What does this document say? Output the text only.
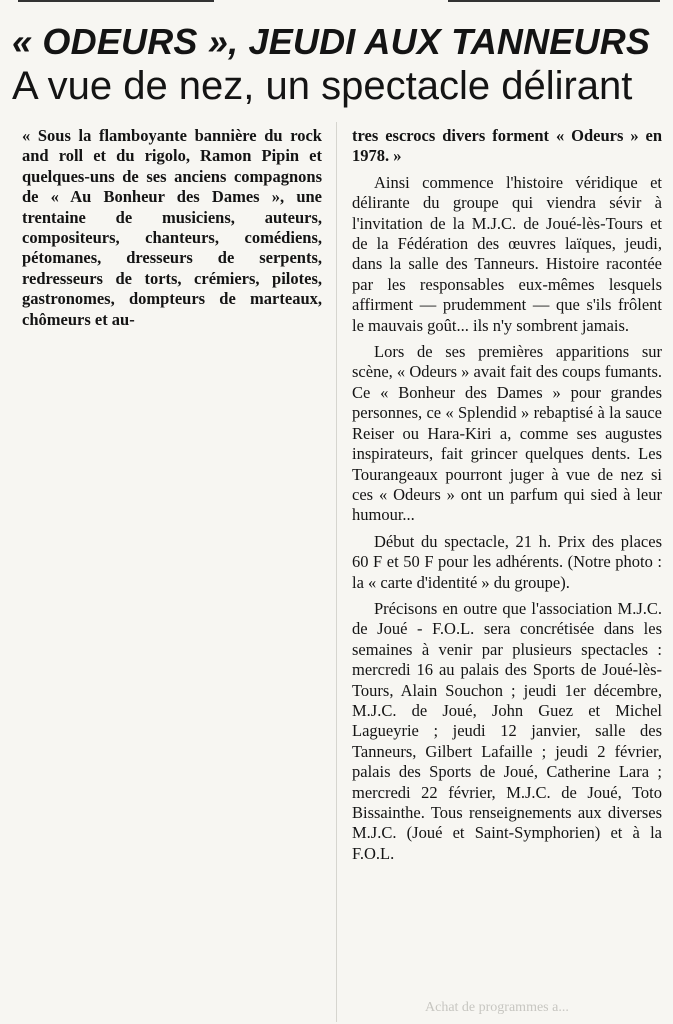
« ODEURS », JEUDI AUX TANNEURS
A vue de nez, un spectacle délirant

« Sous la flamboyante bannière du rock and roll et du rigolo, Ramon Pipin et quelques-uns de ses anciens compagnons de « Au Bonheur des Dames », une trentaine de musiciens, auteurs, compositeurs, chanteurs, comédiens, pétomanes, dresseurs de serpents, redresseurs de torts, crémiers, pilotes, gastronomes, dompteurs de marteaux, chômeurs et au-

tres escrocs divers forment « Odeurs » en 1978. »

Ainsi commence l'histoire véridique et délirante du groupe qui viendra sévir à l'invitation de la M.J.C. de Joué-lès-Tours et de la Fédération des œuvres laïques, jeudi, dans la salle des Tanneurs. Histoire racontée par les responsables eux-mêmes lesquels affirment — prudemment — que s'ils frôlent le mauvais goût... ils n'y sombrent jamais.

Lors de ses premières apparitions sur scène, « Odeurs » avait fait des coups fumants. Ce « Bonheur des Dames » pour grandes personnes, ce « Splendid » rebaptisé à la sauce Reiser ou Hara-Kiri a, comme ses augustes inspirateurs, fait grincer quelques dents. Les Tourangeaux pourront juger à vue de nez si ces « Odeurs » ont un parfum qui sied à leur humour...

Début du spectacle, 21 h. Prix des places 60 F et 50 F pour les adhérents. (Notre photo : la « carte d'identité » du groupe).

Précisons en outre que l'association M.J.C. de Joué - F.O.L. sera concrétisée dans les semaines à venir par plusieurs spectacles : mercredi 16 au palais des Sports de Joué-lès-Tours, Alain Souchon ; jeudi 1er décembre, M.J.C. de Joué, John Guez et Michel Lagueyrie ; jeudi 12 janvier, salle des Tanneurs, Gilbert Lafaille ; jeudi 2 février, palais des Sports de Joué, Catherine Lara ; mercredi 22 février, M.J.C. de Joué, Toto Bissainthe. Tous renseignements aux diverses M.J.C. (Joué et Saint-Symphorien) et à la F.O.L.

Achat de programmes a...
